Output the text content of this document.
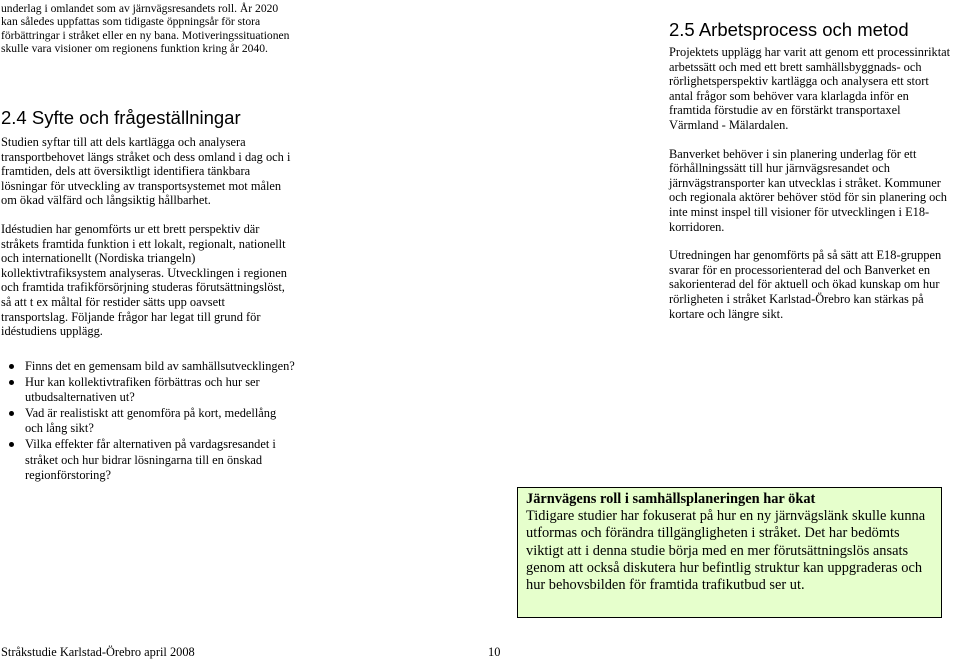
underlag i omlandet som av järnvägsresandets roll. År 2020 kan således uppfattas som tidigaste öppningsår för stora förbättringar i stråket eller en ny bana. Motiveringssituationen skulle vara visioner om regionens funktion kring år 2040.

2.4 Syfte och frågeställningar

Studien syftar till att dels kartlägga och analysera transportbehovet längs stråket och dess omland i dag och i framtiden, dels att översiktligt identifiera tänkbara lösningar för utveckling av transportsystemet mot målen om ökad välfärd och långsiktig hållbarhet.

Idéstudien har genomförts ur ett brett perspektiv där stråkets framtida funktion i ett lokalt, regionalt, nationellt och internationellt (Nordiska triangeln) kollektivtrafiksystem analyseras. Utvecklingen i regionen och framtida trafikförsörjning studeras förutsättningslöst, så att t ex måltal för restider sätts upp oavsett transportslag. Följande frågor har legat till grund för idéstudiens upplägg.

Finns det en gemensam bild av samhällsutvecklingen?
Hur kan kollektivtrafiken förbättras och hur ser utbudsalternativen ut?
Vad är realistiskt att genomföra på kort, medellång och lång sikt?
Vilka effekter får alternativen på vardagsresandet i stråket och hur bidrar lösningarna till en önskad regionförstoring?
2.5 Arbetsprocess och metod

Projektets upplägg har varit att genom ett processinriktat arbetssätt och med ett brett samhällsbyggnads- och rörlighetsperspektiv kartlägga och analysera ett stort antal frågor som behöver vara klarlagda inför en framtida förstudie av en förstärkt transportaxel Värmland - Mälardalen.

Banverket behöver i sin planering underlag för ett förhållningssätt till hur järnvägsresandet och järnvägstransporter kan utvecklas i stråket. Kommuner och regionala aktörer behöver stöd för sin planering och inte minst inspel till visioner för utvecklingen i E18-korridoren.

Utredningen har genomförts på så sätt att E18-gruppen svarar för en processorienterad del och Banverket en sakorienterad del för aktuell och ökad kunskap om hur rörligheten i stråket Karlstad-Örebro kan stärkas på kortare och längre sikt.

Järnvägens roll i samhällsplaneringen har ökat
Tidigare studier har fokuserat på hur en ny järnvägslänk skulle kunna utformas och förändra tillgängligheten i stråket. Det har bedömts viktigt att i denna studie börja med en mer förutsättningslös ansats genom att också diskutera hur befintlig struktur kan uppgraderas och hur behovsbilden för framtida trafikutbud ser ut.
Stråkstudie Karlstad-Örebro april 2008	10
